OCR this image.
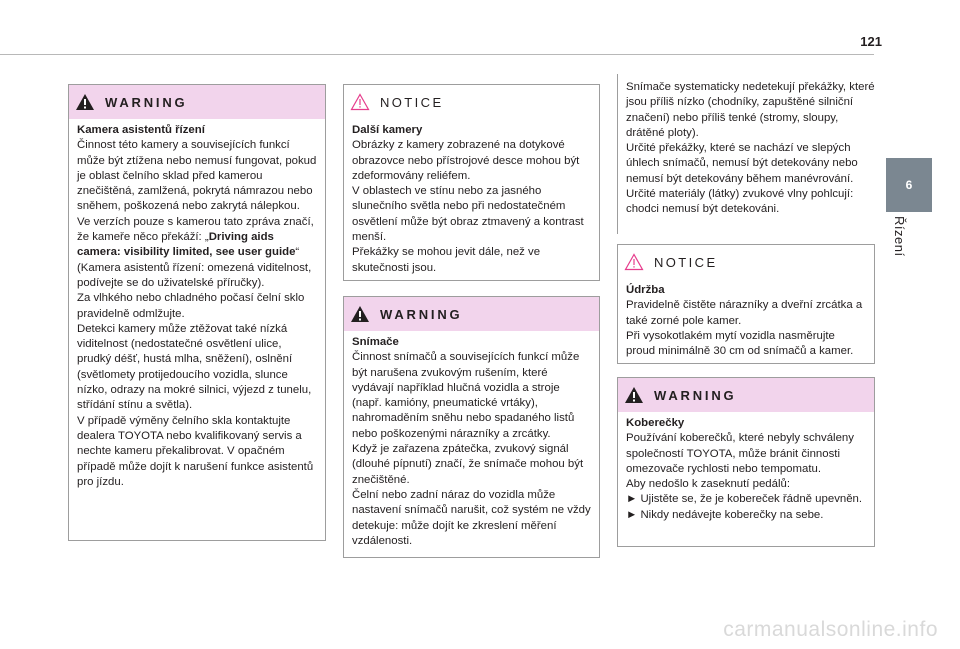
121
6
Řízení
WARNING

Kamera asistentů řízení

Činnost této kamery a souvisejících funkcí může být ztížena nebo nemusí fungovat, pokud je oblast čelního sklad před kamerou znečištěná, zamlžená, pokrytá námrazou nebo sněhem, poškozená nebo zakrytá nálepkou.

Ve verzích pouze s kamerou tato zpráva značí, že kameře něco překáží: „Driving aids camera: visibility limited, see user guide“ (Kamera asistentů řízení: omezená viditelnost, podívejte se do uživatelské příručky).

Za vlhkého nebo chladného počasí čelní sklo pravidelně odmlžujte.

Detekci kamery může ztěžovat také nízká viditelnost (nedostatečné osvětlení ulice, prudký déšť, hustá mlha, sněžení), oslnění (světlomety protijedoucího vozidla, slunce nízko, odrazy na mokré silnici, výjezd z tunelu, střídání stínu a světla).

V případě výměny čelního skla kontaktujte dealera TOYOTA nebo kvalifikovaný servis a nechte kameru překalibrovat. V opačném případě může dojít k narušení funkce asistentů pro jízdu.

NOTICE

Další kamery

Obrázky z kamery zobrazené na dotykové obrazovce nebo přístrojové desce mohou být zdeformovány reliéfem.

V oblastech ve stínu nebo za jasného slunečního světla nebo při nedostatečném osvětlení může být obraz ztmavený a kontrast menší.

Překážky se mohou jevit dále, než ve skutečnosti jsou.

WARNING

Snímače

Činnost snímačů a souvisejících funkcí může být narušena zvukovým rušením, které vydávají například hlučná vozidla a stroje (např. kamióny, pneumatické vrtáky), nahromaděním sněhu nebo spadaného listů nebo poškozenými nárazníky a zrcátky.

Když je zařazena zpátečka, zvukový signál (dlouhé pípnutí) značí, že snímače mohou být znečištěné.

Čelní nebo zadní náraz do vozidla může nastavení snímačů narušit, což systém ne vždy detekuje: může dojít ke zkreslení měření vzdálenosti.

Snímače systematicky nedetekují překážky, které jsou příliš nízko (chodníky, zapuštěné silniční značení) nebo příliš tenké (stromy, sloupy, drátěné ploty).

Určité překážky, které se nachází ve slepých úhlech snímačů, nemusí být detekovány nebo nemusí být detekovány během manévrování.

Určité materiály (látky) zvukové vlny pohlcují: chodci nemusí být detekováni.

NOTICE

Údržba

Pravidelně čistěte nárazníky a dveřní zrcátka a také zorné pole kamer.

Při vysokotlakém mytí vozidla nasměrujte proud minimálně 30 cm od snímačů a kamer.

WARNING

Koberečky

Používání koberečků, které nebyly schváleny společností TOYOTA, může bránit činnosti omezovače rychlosti nebo tempomatu.

Aby nedošlo k zaseknutí pedálů:

► Ujistěte se, že je kobereček řádně upevněn.

► Nikdy nedávejte koberečky na sebe.

carmanualsonline.info
